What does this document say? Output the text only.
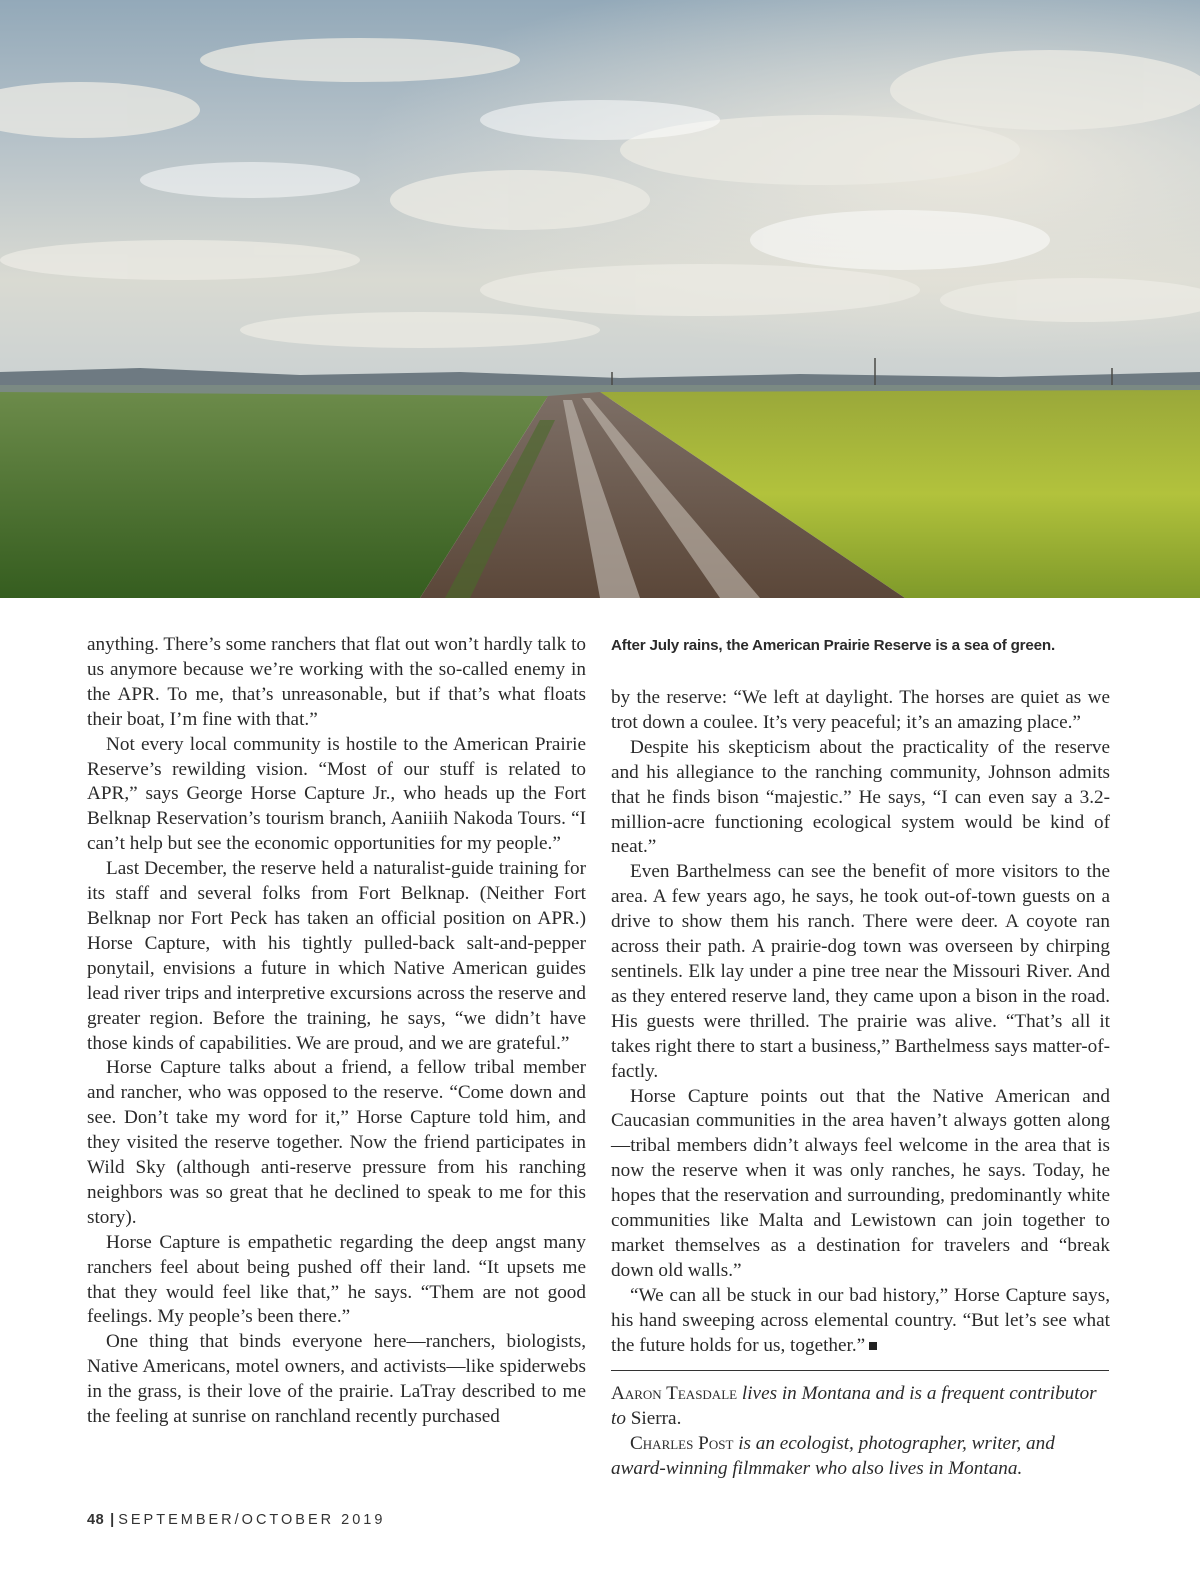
anything. There’s some ranchers that flat out won’t hardly talk to us anymore because we’re working with the so-called enemy in the APR. To me, that’s unreasonable, but if that’s what floats their boat, I’m fine with that.”

Not every local community is hostile to the American Prairie Reserve’s rewilding vision. “Most of our stuff is related to APR,” says George Horse Capture Jr., who heads up the Fort Belknap Reservation’s tourism branch, Aaniiih Nakoda Tours. “I can’t help but see the economic opportunities for my people.”

Last December, the reserve held a naturalist-guide training for its staff and several folks from Fort Belknap. (Neither Fort Belknap nor Fort Peck has taken an official position on APR.) Horse Capture, with his tightly pulled-back salt-and-pepper ponytail, envisions a future in which Native American guides lead river trips and interpretive excursions across the reserve and greater region. Before the training, he says, “we didn’t have those kinds of capabilities. We are proud, and we are grateful.”

Horse Capture talks about a friend, a fellow tribal member and rancher, who was opposed to the reserve. “Come down and see. Don’t take my word for it,” Horse Capture told him, and they visited the reserve together. Now the friend participates in Wild Sky (although anti-reserve pressure from his ranching neighbors was so great that he declined to speak to me for this story).

Horse Capture is empathetic regarding the deep angst many ranchers feel about being pushed off their land. “It upsets me that they would feel like that,” he says. “Them are not good feelings. My people’s been there.”

One thing that binds everyone here—ranchers, biologists, Native Americans, motel owners, and activists—like spiderwebs in the grass, is their love of the prairie. LaTray described to me the feeling at sunrise on ranchland recently purchased

After July rains, the American Prairie Reserve is a sea of green.

by the reserve: “We left at daylight. The horses are quiet as we trot down a coulee. It’s very peaceful; it’s an amazing place.”

Despite his skepticism about the practicality of the reserve and his allegiance to the ranching community, Johnson admits that he finds bison “majestic.” He says, “I can even say a 3.2-million-acre functioning ecological system would be kind of neat.”

Even Barthelmess can see the benefit of more visitors to the area. A few years ago, he says, he took out-of-town guests on a drive to show them his ranch. There were deer. A coyote ran across their path. A prairie-dog town was overseen by chirping sentinels. Elk lay under a pine tree near the Missouri River. And as they entered reserve land, they came upon a bison in the road. His guests were thrilled. The prairie was alive. “That’s all it takes right there to start a business,” Barthelmess says matter-of-factly.

Horse Capture points out that the Native American and Caucasian communities in the area haven’t always gotten along—tribal members didn’t always feel welcome in the area that is now the reserve when it was only ranches, he says. Today, he hopes that the reservation and surrounding, predominantly white communities like Malta and Lewistown can join together to market themselves as a destination for travelers and “break down old walls.”

“We can all be stuck in our bad history,” Horse Capture says, his hand sweeping across elemental country. “But let’s see what the future holds for us, together.”

Aaron Teasdale lives in Montana and is a frequent contributor to Sierra.

Charles Post is an ecologist, photographer, writer, and award-winning filmmaker who also lives in Montana.

48 | SEPTEMBER/OCTOBER 2019
